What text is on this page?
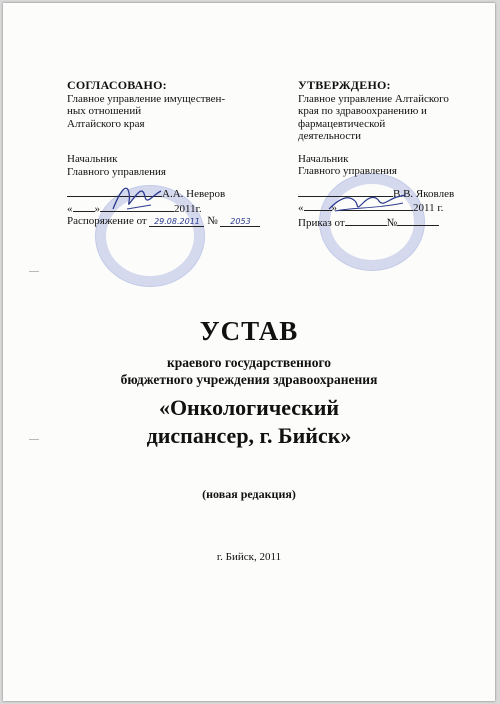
СОГЛАСОВАНО:
Главное управление имуществен-
ных отношений
Алтайского края
Начальник
Главного управления
А.А. Неверов
« »	2011г.
Распоряжение от 29.08.2011 № 2053
УТВЕРЖДЕНО:
Главное управление Алтайского
края по здравоохранению и
фармацевтической
деятельности
Начальник
Главного управления
В.В. Яковлев
«	»	2011 г.
Приказ от	№
УСТАВ
краевого государственного
бюджетного учреждения здравоохранения
«Онкологический
диспансер, г. Бийск»
(новая редакция)
г. Бийск, 2011
